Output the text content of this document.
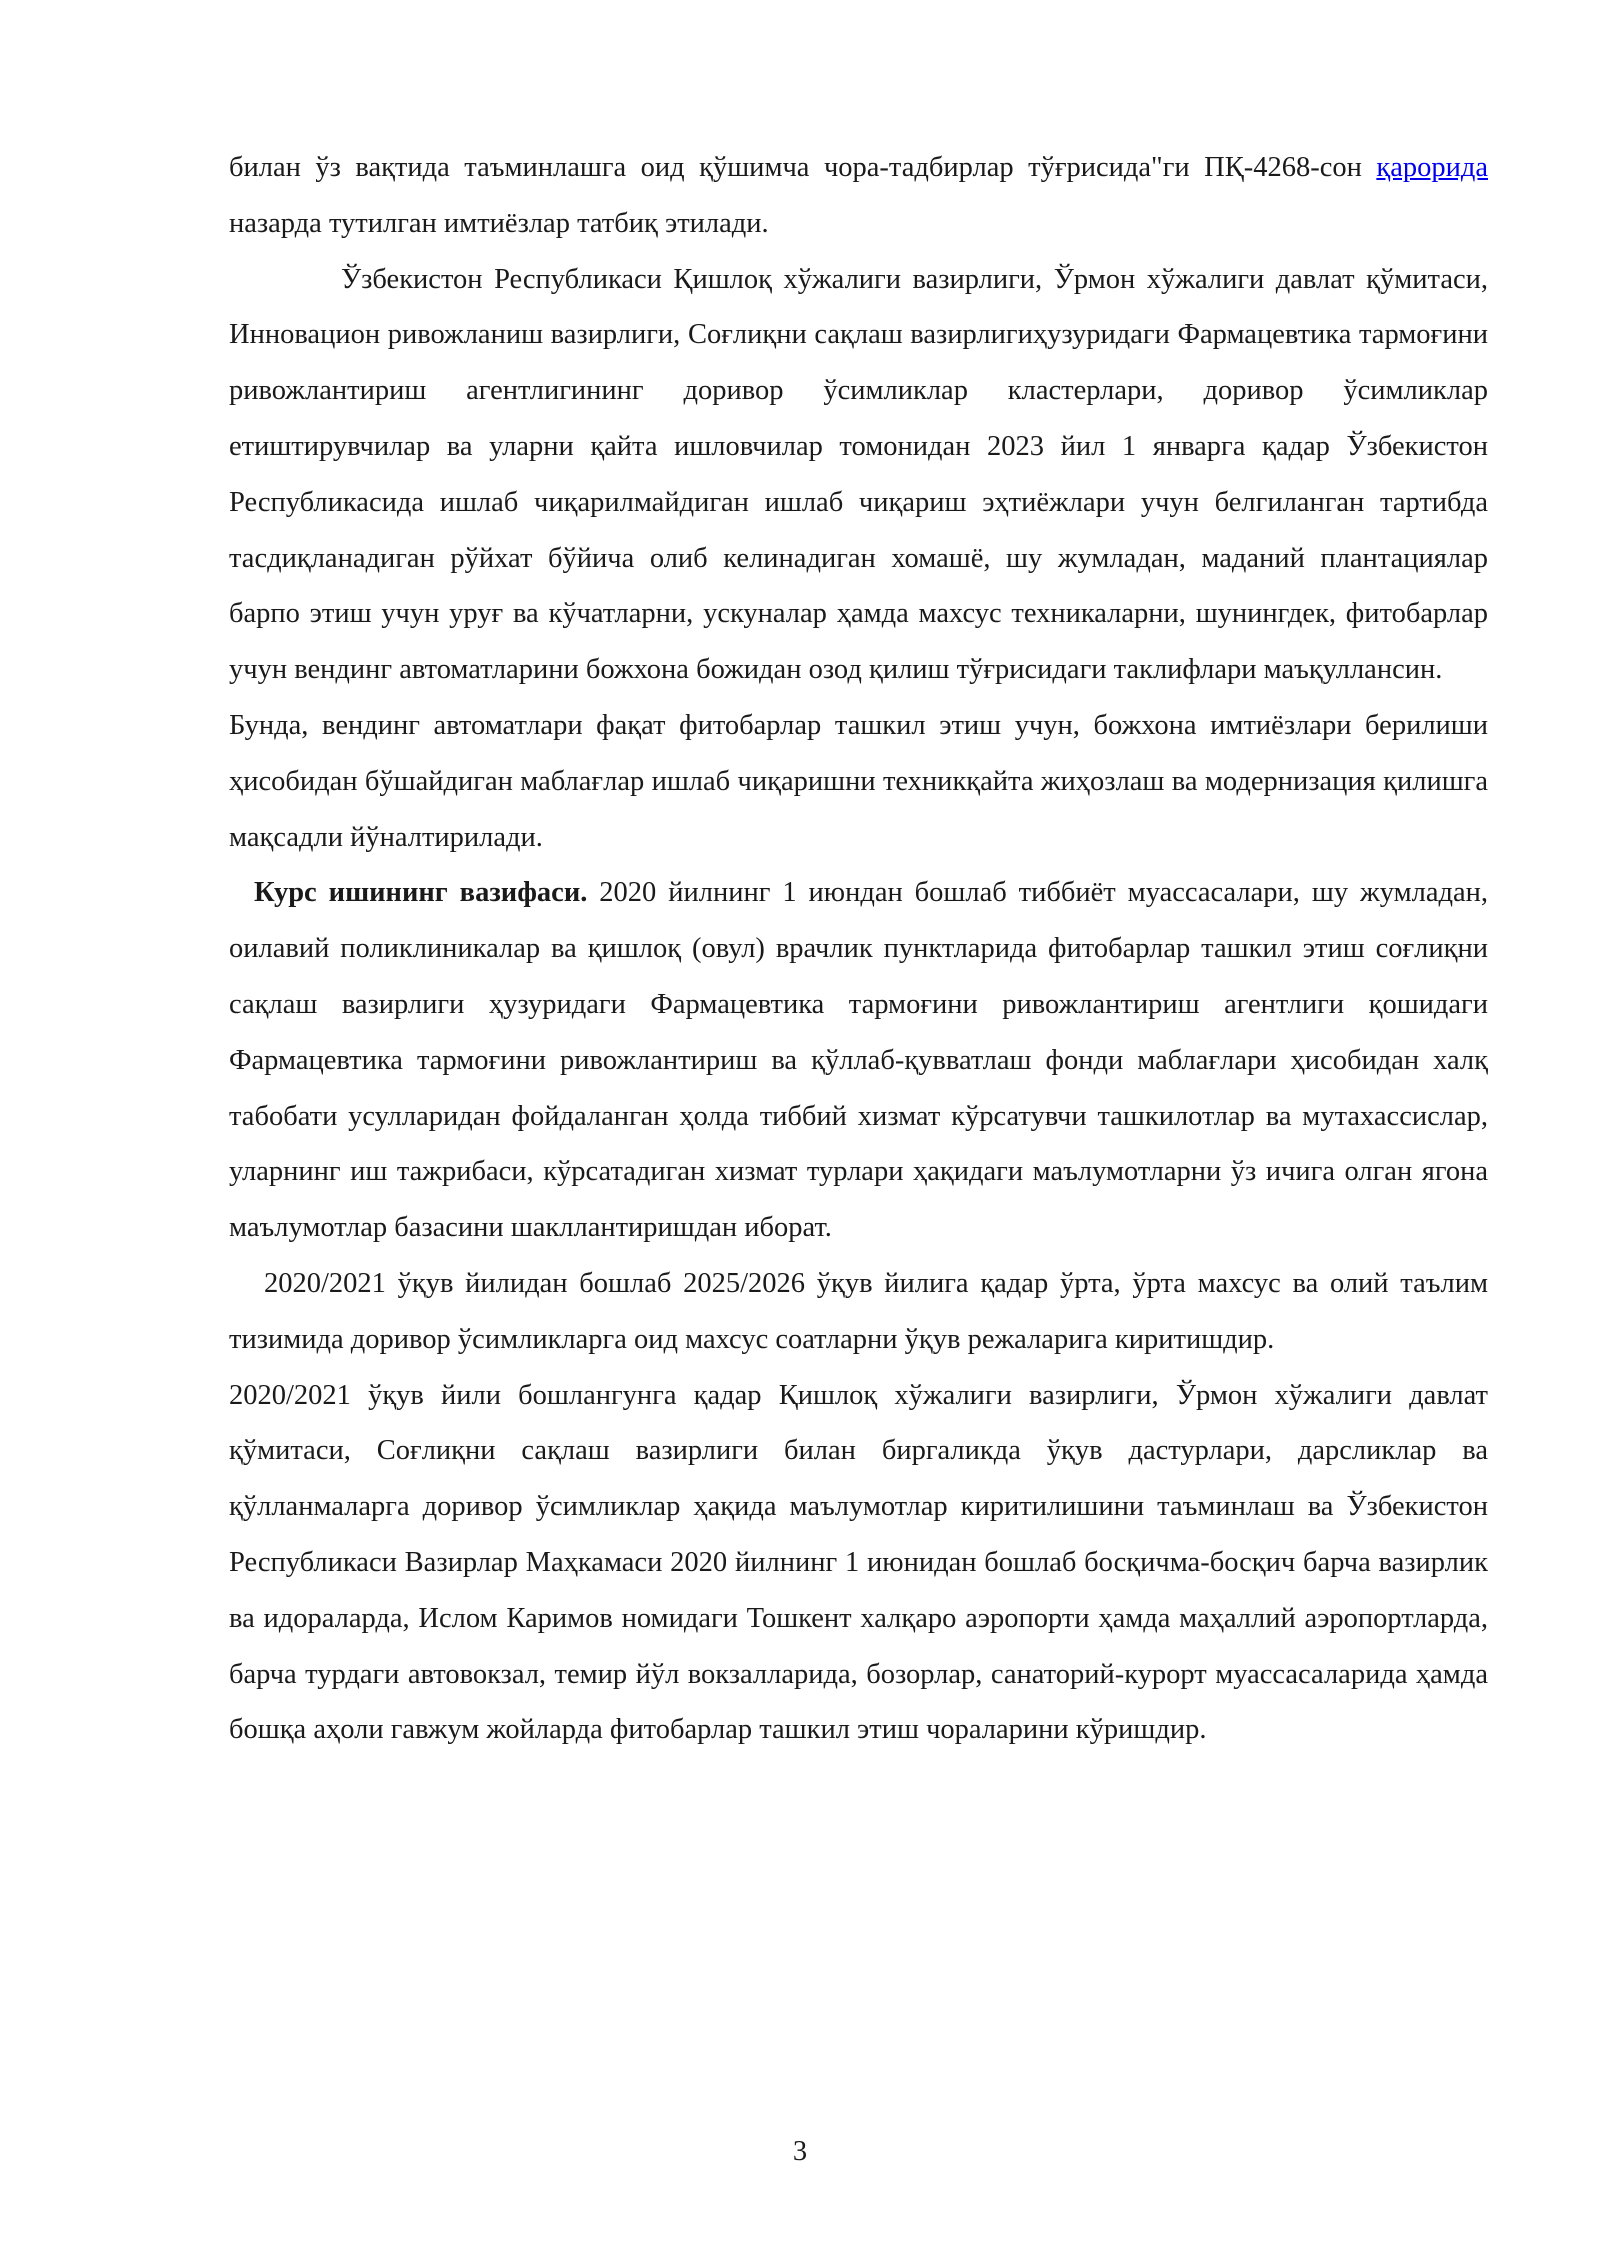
билан ўз вақтида таъминлашга оид қўшимча чора-тадбирлар тўғрисида"ги ПҚ-4268-сон қарорида назарда тутилган имтиёзлар татбиқ этилади.

Ўзбекистон Республикаси Қишлоқ хўжалиги вазирлиги, Ўрмон хўжалиги давлат қўмитаси, Инновацион ривожланиш вазирлиги, Соғлиқни сақлаш вазирлигиҳузуридаги Фармацевтика тармоғини ривожлантириш агентлигининг доривор ўсимликлар кластерлари, доривор ўсимликлар етиштирувчилар ва уларни қайта ишловчилар томонидан 2023 йил 1 январга қадар Ўзбекистон Республикасида ишлаб чиқарилмайдиган ишлаб чиқариш эҳтиёжлари учун белгиланган тартибда тасдиқланадиган рўйхат бўйича олиб келинадиган хомашё, шу жумладан, маданий плантациялар барпо этиш учун уруғ ва кўчатларни, ускуналар ҳамда махсус техникаларни, шунингдек, фитобарлар учун вендинг автоматларини божхона божидан озод қилиш тўғрисидаги таклифлари маъқуллансин.

Бунда, вендинг автоматлари фақат фитобарлар ташкил этиш учун, божхона имтиёзлари берилиши ҳисобидан бўшайдиган маблағлар ишлаб чиқаришни техникқайта жиҳозлаш ва модернизация қилишга мақсадли йўналтирилади.

Курс ишининг вазифаси. 2020 йилнинг 1 июндан бошлаб тиббиёт муассасалари, шу жумладан, оилавий поликлиникалар ва қишлоқ (овул) врачлик пунктларида фитобарлар ташкил этиш соғлиқни сақлаш вазирлиги ҳузуридаги Фармацевтика тармоғини ривожлантириш агентлиги қошидаги Фармацевтика тармоғини ривожлантириш ва қўллаб-қувватлаш фонди маблағлари ҳисобидан халқ табобати усулларидан фойдаланган ҳолда тиббий хизмат кўрсатувчи ташкилотлар ва мутахассислар, уларнинг иш тажрибаси, кўрсатадиган хизмат турлари ҳақидаги маълумотларни ўз ичига олган ягона маълумотлар базасини шакллантиришдан иборат.

2020/2021 ўқув йилидан бошлаб 2025/2026 ўқув йилига қадар ўрта, ўрта махсус ва олий таълим тизимида доривор ўсимликларга оид махсус соатларни ўқув режаларига киритишдир.

2020/2021 ўқув йили бошлангунга қадар Қишлоқ хўжалиги вазирлиги, Ўрмон хўжалиги давлат қўмитаси, Соғлиқни сақлаш вазирлиги билан биргаликда ўқув дастурлари, дарсликлар ва қўлланмаларга доривор ўсимликлар ҳақида маълумотлар киритилишини таъминлаш ва Ўзбекистон Республикаси Вазирлар Маҳкамаси 2020 йилнинг 1 июнидан бошлаб босқичма-босқич барча вазирлик ва идораларда, Ислом Каримов номидаги Тошкент халқаро аэропорти ҳамда маҳаллий аэропортларда, барча турдаги автовокзал, темир йўл вокзалларида, бозорлар, санаторий-курорт муассасаларида ҳамда бошқа аҳоли гавжум жойларда фитобарлар ташкил этиш чораларини кўришдир.

3
